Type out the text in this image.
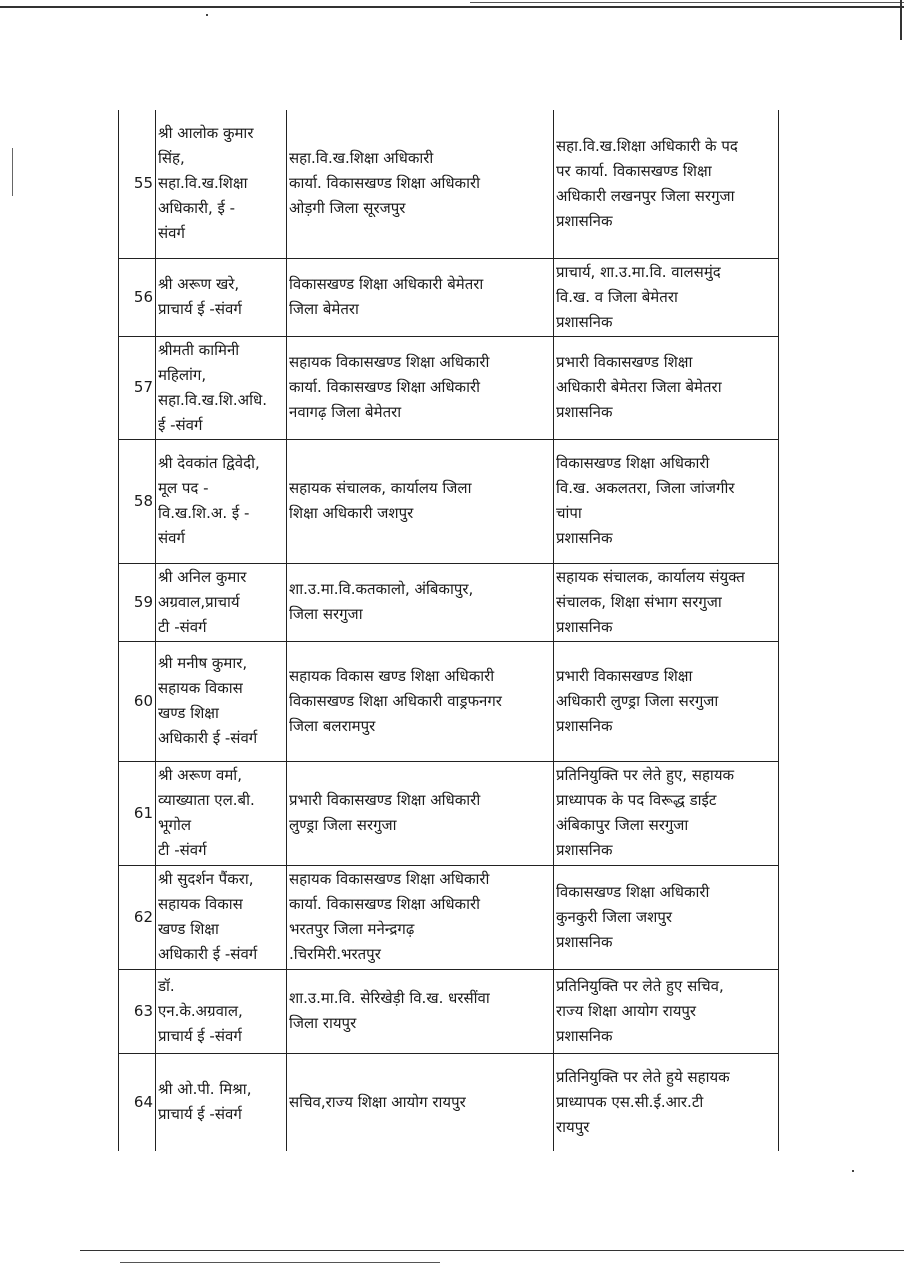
55	श्री आलोक कुमार
सिंह,
सहा.वि.ख.शिक्षा
अधिकारी, ई -
संवर्ग	सहा.वि.ख.शिक्षा अधिकारी
कार्या. विकासखण्ड शिक्षा अधिकारी
ओड़गी जिला सूरजपुर	सहा.वि.ख.शिक्षा अधिकारी के पद
पर कार्या. विकासखण्ड शिक्षा
अधिकारी लखनपुर जिला सरगुजा
प्रशासनिक

56	श्री अरूण खरे,
प्राचार्य ई -संवर्ग	विकासखण्ड शिक्षा अधिकारी बेमेतरा
जिला बेमेतरा	प्राचार्य, शा.उ.मा.वि. वालसमुंद
वि.ख. व जिला बेमेतरा
प्रशासनिक

57	श्रीमती कामिनी
महिलांग,
सहा.वि.ख.शि.अधि.
ई -संवर्ग	सहायक विकासखण्ड शिक्षा अधिकारी
कार्या. विकासखण्ड शिक्षा अधिकारी
नवागढ़ जिला बेमेतरा	प्रभारी विकासखण्ड शिक्षा
अधिकारी बेमेतरा जिला बेमेतरा
प्रशासनिक

58	श्री देवकांत द्विवेदी,
मूल पद -
वि.ख.शि.अ. ई -
संवर्ग	सहायक संचालक, कार्यालय जिला
शिक्षा अधिकारी जशपुर	विकासखण्ड शिक्षा अधिकारी
वि.ख. अकलतरा, जिला जांजगीर
चांपा
प्रशासनिक

59	श्री अनिल कुमार
अग्रवाल,प्राचार्य
टी -संवर्ग	शा.उ.मा.वि.कतकालो, अंबिकापुर,
जिला सरगुजा	सहायक संचालक, कार्यालय संयुक्त
संचालक, शिक्षा संभाग सरगुजा
प्रशासनिक

60	श्री मनीष कुमार,
सहायक विकास
खण्ड शिक्षा
अधिकारी ई -संवर्ग	सहायक विकास खण्ड शिक्षा अधिकारी
विकासखण्ड शिक्षा अधिकारी वाड्रफनगर
जिला बलरामपुर	प्रभारी विकासखण्ड शिक्षा
अधिकारी लुण्ड्रा जिला सरगुजा
प्रशासनिक

61	श्री अरूण वर्मा,
व्याख्याता एल.बी.
भूगोल
टी -संवर्ग	प्रभारी विकासखण्ड शिक्षा अधिकारी
लुण्ड्रा जिला सरगुजा	प्रतिनियुक्ति पर लेते हुए, सहायक
प्राध्यापक के पद विरूद्ध डाईट
अंबिकापुर जिला सरगुजा
प्रशासनिक

62	श्री सुदर्शन पैंकरा,
सहायक विकास
खण्ड शिक्षा
अधिकारी ई -संवर्ग	सहायक विकासखण्ड शिक्षा अधिकारी
कार्या. विकासखण्ड शिक्षा अधिकारी
भरतपुर जिला मनेन्द्रगढ़
.चिरमिरी.भरतपुर	विकासखण्ड शिक्षा अधिकारी
कुनकुरी जिला जशपुर
प्रशासनिक

63	डॉ.
एन.के.अग्रवाल,
प्राचार्य ई -संवर्ग	शा.उ.मा.वि. सेरिखेड़ी वि.ख. धरसींवा
जिला रायपुर	प्रतिनियुक्ति पर लेते हुए सचिव,
राज्य शिक्षा आयोग रायपुर
प्रशासनिक

64	श्री ओ.पी. मिश्रा,
प्राचार्य ई -संवर्ग	सचिव,राज्य शिक्षा आयोग रायपुर	प्रतिनियुक्ति पर लेते हुये सहायक
प्राध्यापक एस.सी.ई.आर.टी
रायपुर
